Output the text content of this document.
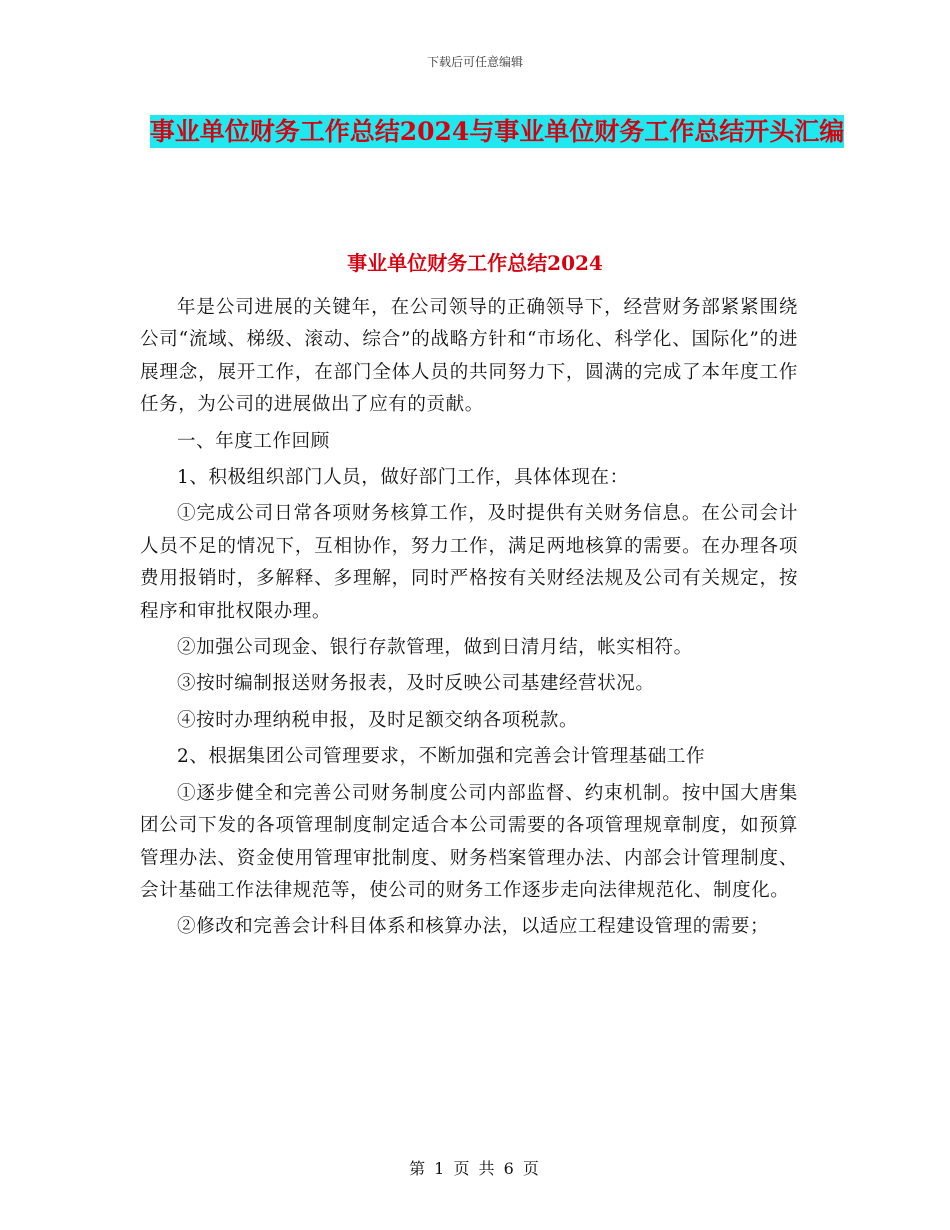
下载后可任意编辑
事业单位财务工作总结2024与事业单位财务工作总结开头汇编
事业单位财务工作总结2024

年是公司进展的关键年，在公司领导的正确领导下，经营财务部紧紧围绕公司“流域、梯级、滚动、综合”的战略方针和“市场化、科学化、国际化”的进展理念，展开工作，在部门全体人员的共同努力下，圆满的完成了本年度工作任务，为公司的进展做出了应有的贡献。

一、年度工作回顾

1、积极组织部门人员，做好部门工作，具体体现在：

①完成公司日常各项财务核算工作，及时提供有关财务信息。在公司会计人员不足的情况下，互相协作，努力工作，满足两地核算的需要。在办理各项费用报销时，多解释、多理解，同时严格按有关财经法规及公司有关规定，按程序和审批权限办理。

②加强公司现金、银行存款管理，做到日清月结，帐实相符。

③按时编制报送财务报表，及时反映公司基建经营状况。

④按时办理纳税申报，及时足额交纳各项税款。

2、根据集团公司管理要求，不断加强和完善会计管理基础工作

①逐步健全和完善公司财务制度公司内部监督、约束机制。按中国大唐集团公司下发的各项管理制度制定适合本公司需要的各项管理规章制度，如预算管理办法、资金使用管理审批制度、财务档案管理办法、内部会计管理制度、会计基础工作法律规范等，使公司的财务工作逐步走向法律规范化、制度化。

②修改和完善会计科目体系和核算办法，以适应工程建设管理的需要；

第 1 页 共 6 页
